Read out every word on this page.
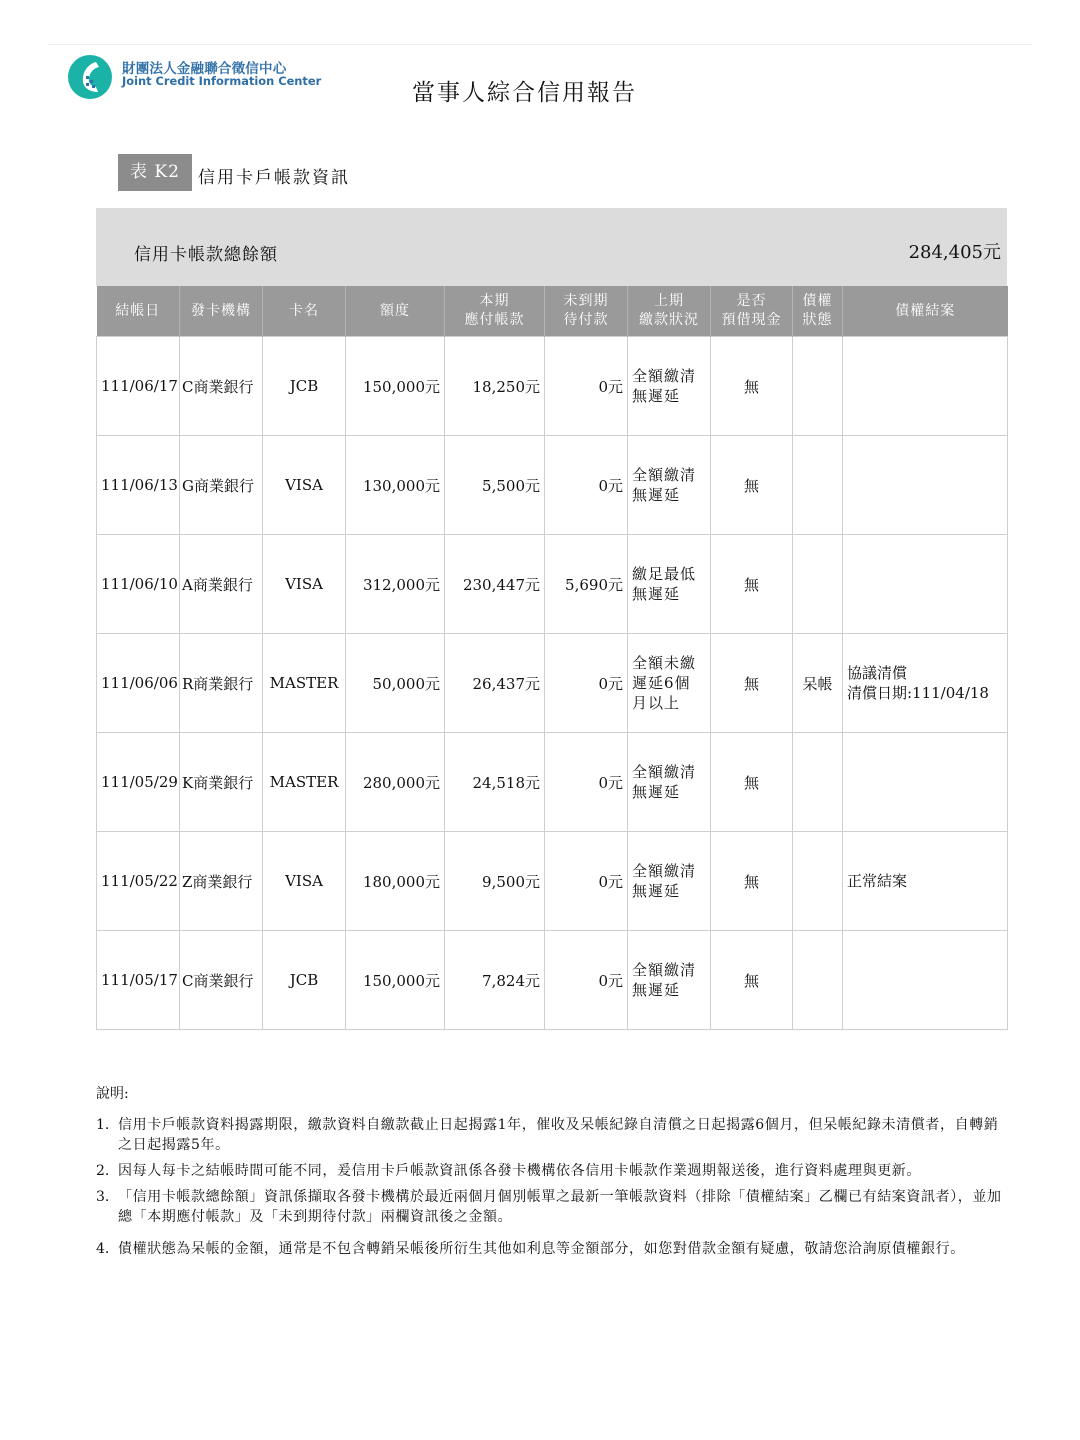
財團法人金融聯合徵信中心
Joint Credit Information Center	當事人綜合信用報告
表 K2	信用卡戶帳款資訊
信用卡帳款總餘額	284,405元
結帳日	發卡機構	卡名	額度	本期
應付帳款	未到期
待付款	上期
繳款狀況	是否
預借現金	債權
狀態	債權結案
111/06/17	C商業銀行	JCB	150,000元	18,250元	0元	全額繳清
無遲延	無		

111/06/13	G商業銀行	VISA	130,000元	5,500元	0元	全額繳清
無遲延	無		

111/06/10	A商業銀行	VISA	312,000元	230,447元	5,690元	繳足最低
無遲延	無		

111/06/06	R商業銀行	MASTER	50,000元	26,437元	0元	
全額未繳
遲延6個
月以上
	無	呆帳	
協議清償
清償日期:111/04/18

111/05/29	K商業銀行	MASTER	280,000元	24,518元	0元	全額繳清
無遲延	無		

111/05/22	Z商業銀行	VISA	180,000元	9,500元	0元	全額繳清
無遲延	無		正常結案

111/05/17	C商業銀行	JCB	150,000元	7,824元	0元	全額繳清
無遲延	無		
說明:
1. 信用卡戶帳款資料揭露期限，繳款資料自繳款截止日起揭露1年，催收及呆帳紀錄自清償之日起揭露6個月，但呆帳紀錄未清償者，自轉銷之日起揭露5年。
2. 因每人每卡之結帳時間可能不同，爰信用卡戶帳款資訊係各發卡機構依各信用卡帳款作業週期報送後，進行資料處理與更新。
3. 「信用卡帳款總餘額」資訊係擷取各發卡機構於最近兩個月個別帳單之最新一筆帳款資料（排除「債權結案」乙欄已有結案資訊者），並加總「本期應付帳款」及「未到期待付款」兩欄資訊後之金額。
4. 債權狀態為呆帳的金額，通常是不包含轉銷呆帳後所衍生其他如利息等金額部分，如您對借款金額有疑慮，敬請您洽詢原債權銀行。
